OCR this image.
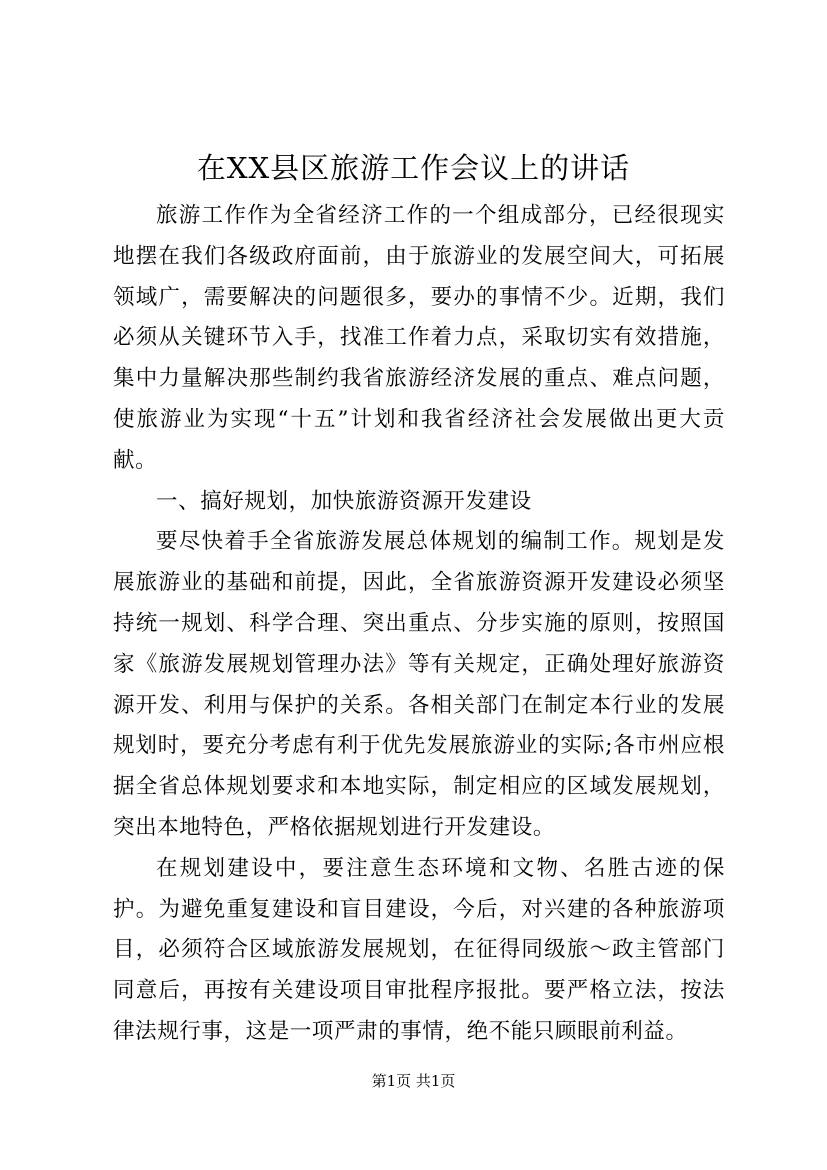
在XX县区旅游工作会议上的讲话

旅游工作作为全省经济工作的一个组成部分，已经很现实地摆在我们各级政府面前，由于旅游业的发展空间大，可拓展领域广，需要解决的问题很多，要办的事情不少。近期，我们必须从关键环节入手，找准工作着力点，采取切实有效措施，集中力量解决那些制约我省旅游经济发展的重点、难点问题，使旅游业为实现“十五”计划和我省经济社会发展做出更大贡献。

一、搞好规划，加快旅游资源开发建设

要尽快着手全省旅游发展总体规划的编制工作。规划是发展旅游业的基础和前提，因此，全省旅游资源开发建设必须坚持统一规划、科学合理、突出重点、分步实施的原则，按照国家《旅游发展规划管理办法》等有关规定，正确处理好旅游资源开发、利用与保护的关系。各相关部门在制定本行业的发展规划时，要充分考虑有利于优先发展旅游业的实际;各市州应根据全省总体规划要求和本地实际，制定相应的区域发展规划，突出本地特色，严格依据规划进行开发建设。

在规划建设中，要注意生态环境和文物、名胜古迹的保护。为避免重复建设和盲目建设，今后，对兴建的各种旅游项目，必须符合区域旅游发展规划，在征得同级旅～政主管部门同意后，再按有关建设项目审批程序报批。要严格立法，按法律法规行事，这是一项严肃的事情，绝不能只顾眼前利益。

第1页 共1页
